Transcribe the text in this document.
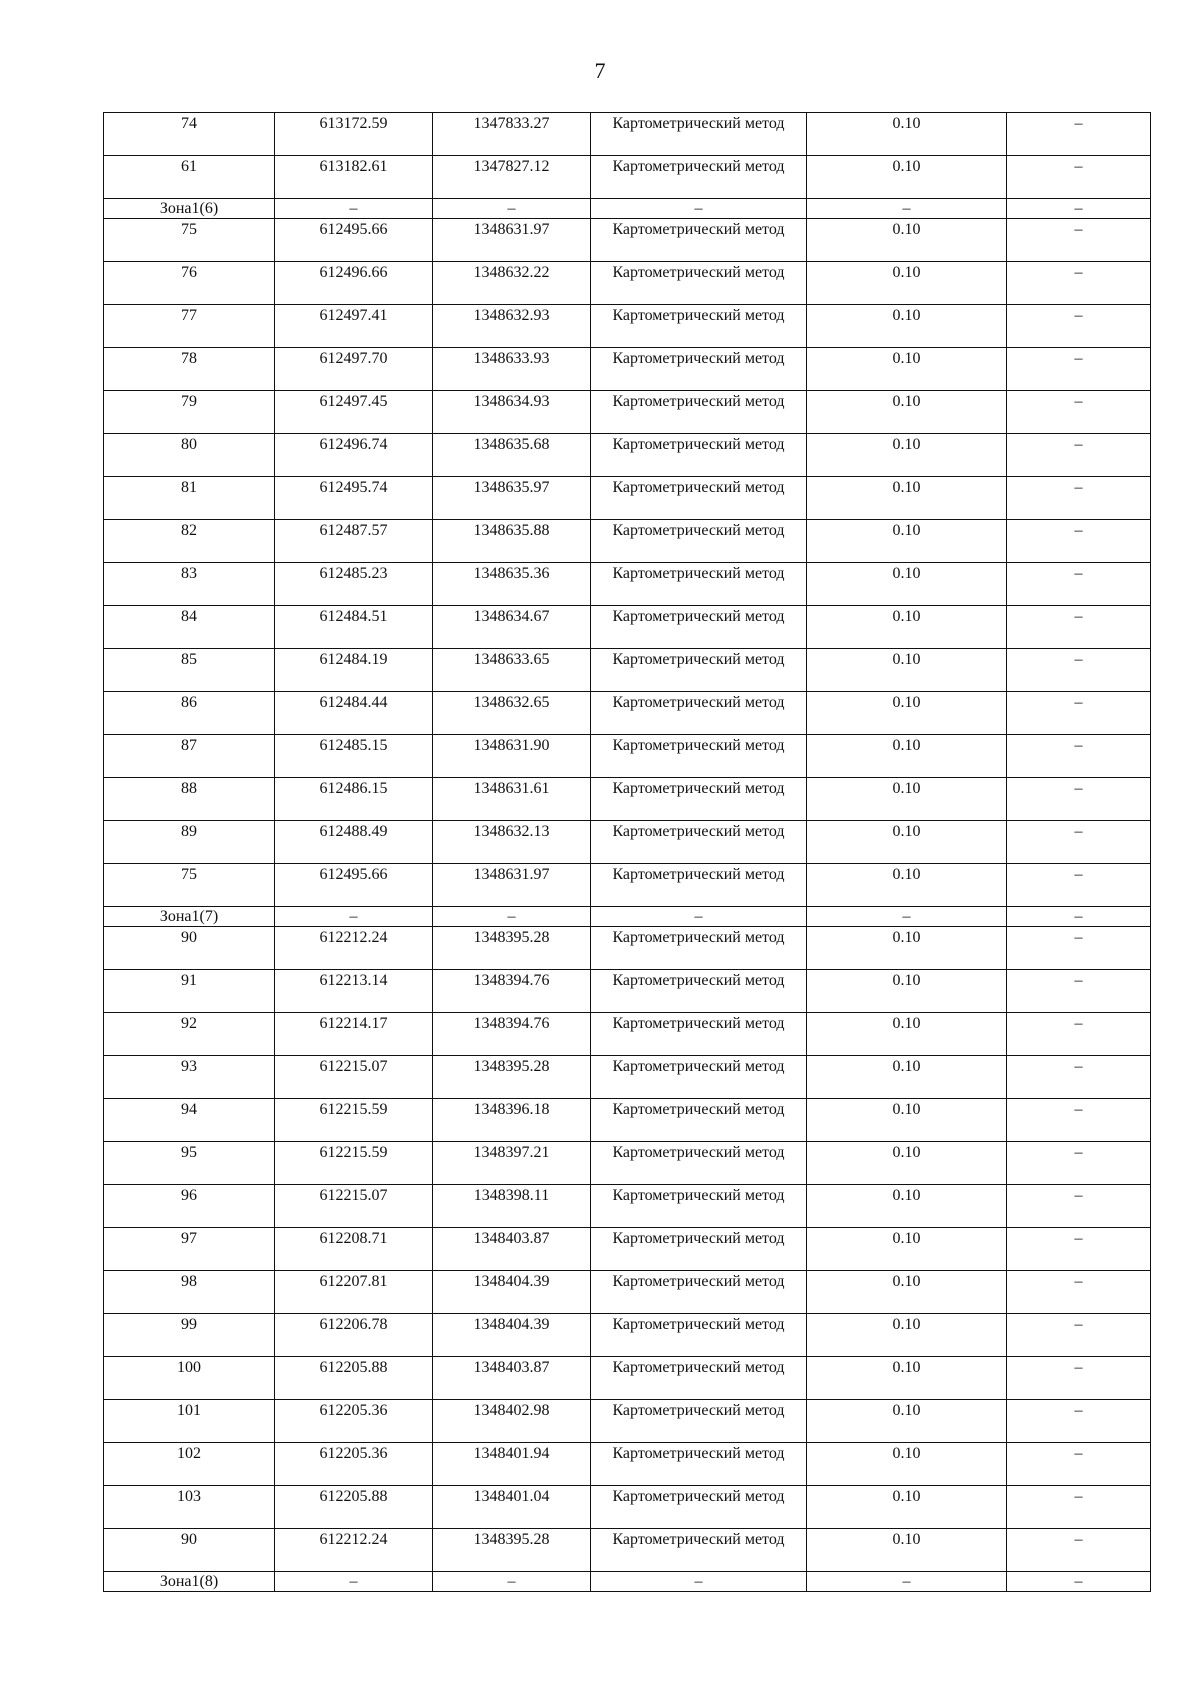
7
74	613172.59	1347833.27	Картометрический метод	0.10	–
61	613182.61	1347827.12	Картометрический метод	0.10	–
Зона1(6)	–	–	–	–	–
75	612495.66	1348631.97	Картометрический метод	0.10	–
76	612496.66	1348632.22	Картометрический метод	0.10	–
77	612497.41	1348632.93	Картометрический метод	0.10	–
78	612497.70	1348633.93	Картометрический метод	0.10	–
79	612497.45	1348634.93	Картометрический метод	0.10	–
80	612496.74	1348635.68	Картометрический метод	0.10	–
81	612495.74	1348635.97	Картометрический метод	0.10	–
82	612487.57	1348635.88	Картометрический метод	0.10	–
83	612485.23	1348635.36	Картометрический метод	0.10	–
84	612484.51	1348634.67	Картометрический метод	0.10	–
85	612484.19	1348633.65	Картометрический метод	0.10	–
86	612484.44	1348632.65	Картометрический метод	0.10	–
87	612485.15	1348631.90	Картометрический метод	0.10	–
88	612486.15	1348631.61	Картометрический метод	0.10	–
89	612488.49	1348632.13	Картометрический метод	0.10	–
75	612495.66	1348631.97	Картометрический метод	0.10	–
Зона1(7)	–	–	–	–	–
90	612212.24	1348395.28	Картометрический метод	0.10	–
91	612213.14	1348394.76	Картометрический метод	0.10	–
92	612214.17	1348394.76	Картометрический метод	0.10	–
93	612215.07	1348395.28	Картометрический метод	0.10	–
94	612215.59	1348396.18	Картометрический метод	0.10	–
95	612215.59	1348397.21	Картометрический метод	0.10	–
96	612215.07	1348398.11	Картометрический метод	0.10	–
97	612208.71	1348403.87	Картометрический метод	0.10	–
98	612207.81	1348404.39	Картометрический метод	0.10	–
99	612206.78	1348404.39	Картометрический метод	0.10	–
100	612205.88	1348403.87	Картометрический метод	0.10	–
101	612205.36	1348402.98	Картометрический метод	0.10	–
102	612205.36	1348401.94	Картометрический метод	0.10	–
103	612205.88	1348401.04	Картометрический метод	0.10	–
90	612212.24	1348395.28	Картометрический метод	0.10	–
Зона1(8)	–	–	–	–	–
